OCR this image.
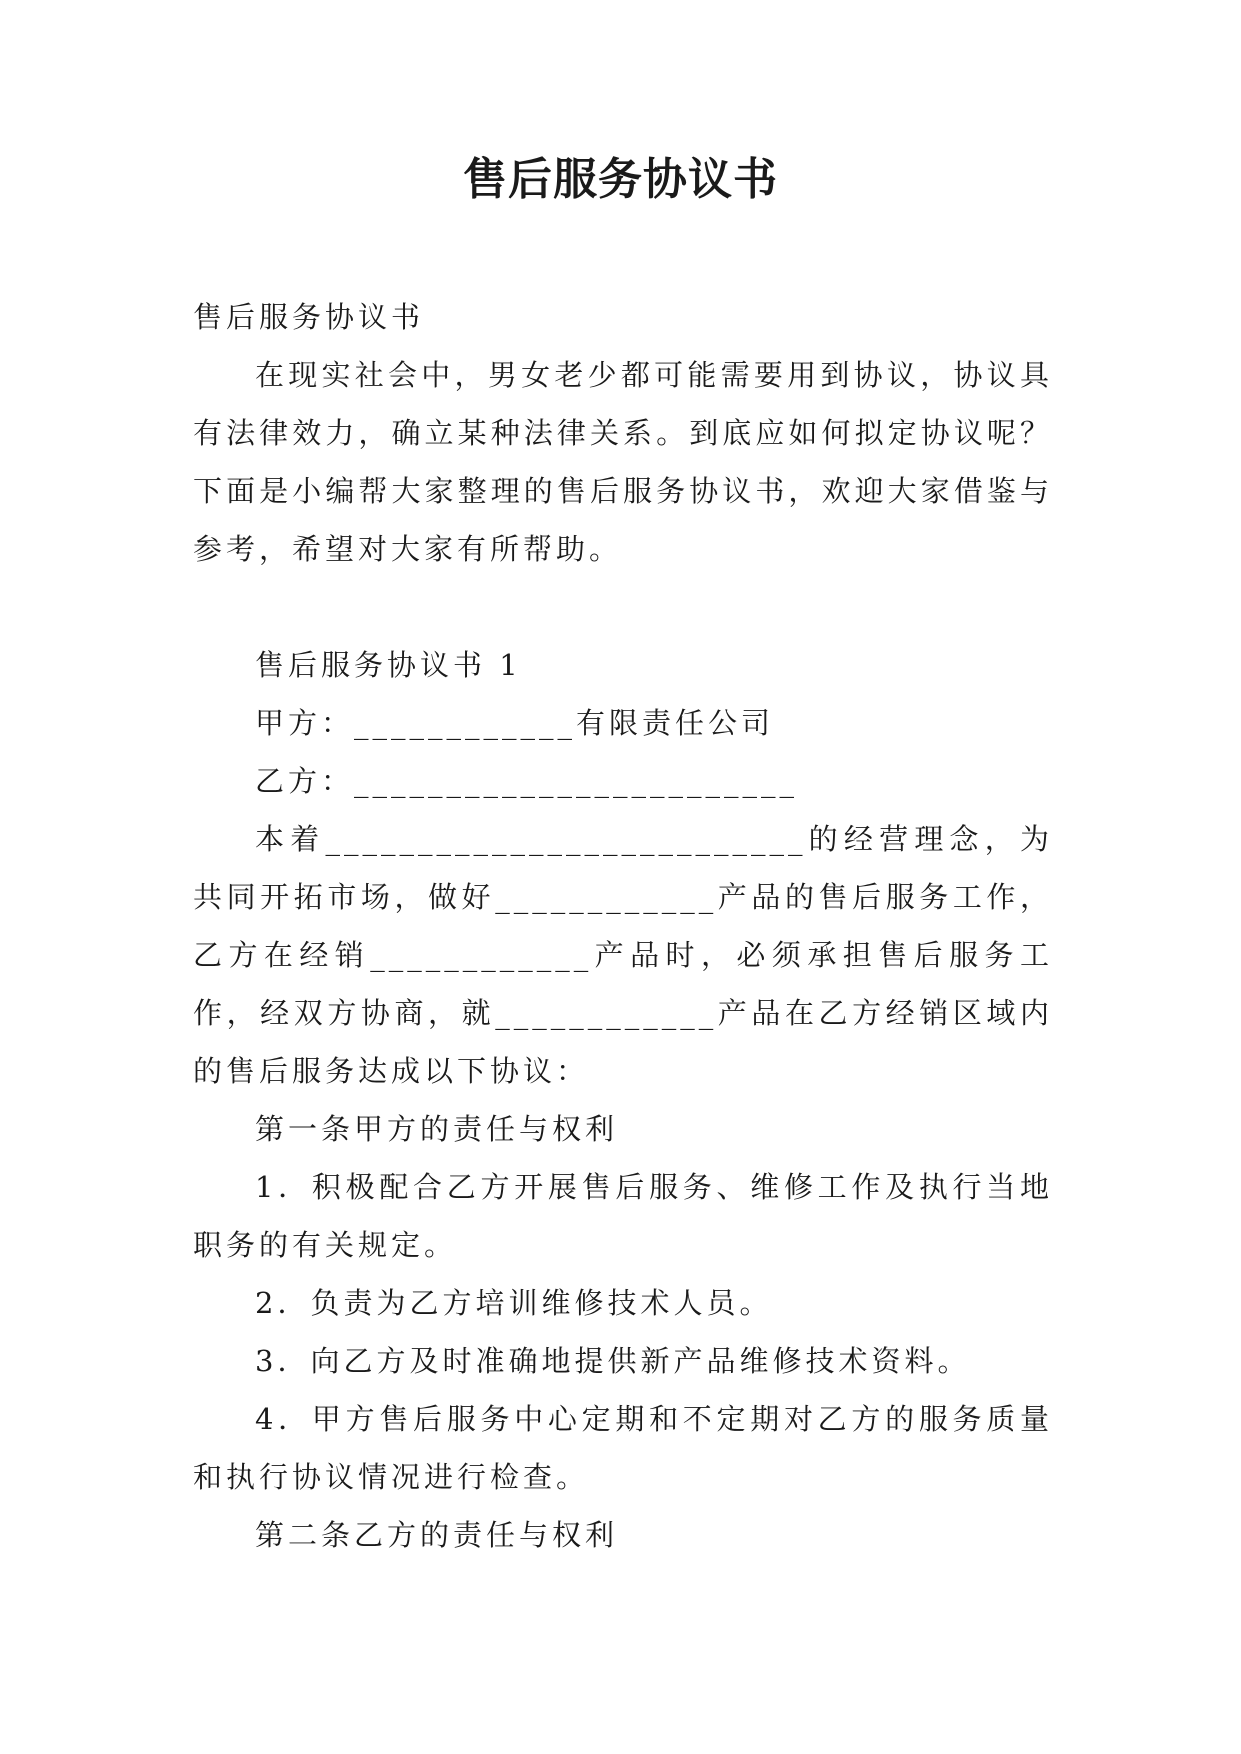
售后服务协议书

售后服务协议书

在现实社会中，男女老少都可能需要用到协议，协议具有法律效力，确立某种法律关系。到底应如何拟定协议呢？下面是小编帮大家整理的售后服务协议书，欢迎大家借鉴与参考，希望对大家有所帮助。

售后服务协议书 1

甲方：____________有限责任公司

乙方：________________________

本着__________________________的经营理念，为共同开拓市场，做好____________产品的售后服务工作，乙方在经销____________产品时，必须承担售后服务工作，经双方协商，就____________产品在乙方经销区域内的售后服务达成以下协议：

第一条甲方的责任与权利

1．积极配合乙方开展售后服务、维修工作及执行当地职务的有关规定。

2．负责为乙方培训维修技术人员。

3．向乙方及时准确地提供新产品维修技术资料。

4．甲方售后服务中心定期和不定期对乙方的服务质量和执行协议情况进行检查。

第二条乙方的责任与权利
